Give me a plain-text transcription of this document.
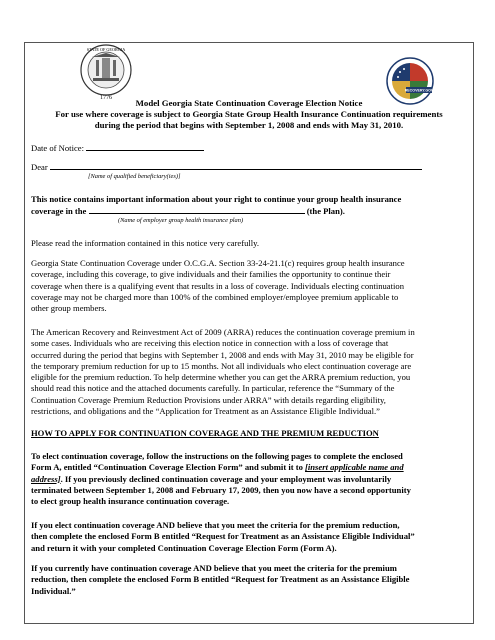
STATE OF GEORGIA
1776
RECOVERY.GOV

Model Georgia State Continuation Coverage Election Notice

For use where coverage is subject to Georgia State Group Health Insurance Continuation requirements
during the period that begins with September 1, 2008 and ends with May 31, 2010.

Date of Notice:

Dear

[Name of qualified beneficiary(ies)]

This notice contains important information about your right to continue your group health insurance
coverage in the	(the Plan).

(Name of employer group health insurance plan)

Please read the information contained in this notice very carefully.

Georgia State Continuation Coverage under O.C.G.A. Section 33-24-21.1(c) requires group health insurance
coverage, including this coverage, to give individuals and their families the opportunity to continue their
coverage when there is a qualifying event that results in a loss of coverage. Individuals electing continuation
coverage may not be charged more than 100% of the combined employer/employee premium applicable to
other group members.

The American Recovery and Reinvestment Act of 2009 (ARRA) reduces the continuation coverage premium in
some cases. Individuals who are receiving this election notice in connection with a loss of coverage that
occurred during the period that begins with September 1, 2008 and ends with May 31, 2010 may be eligible for
the temporary premium reduction for up to 15 months. Not all individuals who elect continuation coverage are
eligible for the premium reduction. To help determine whether you can get the ARRA premium reduction, you
should read this notice and the attached documents carefully. In particular, reference the “Summary of the
Continuation Coverage Premium Reduction Provisions under ARRA” with details regarding eligibility,
restrictions, and obligations and the “Application for Treatment as an Assistance Eligible Individual.”

HOW TO APPLY FOR CONTINUATION COVERAGE AND THE PREMIUM REDUCTION

To elect continuation coverage, follow the instructions on the following pages to complete the enclosed
Form A, entitled “Continuation Coverage Election Form” and submit it to [insert applicable name and
address]. If you previously declined continuation coverage and your employment was involuntarily
terminated between September 1, 2008 and February 17, 2009, then you now have a second opportunity
to elect group health insurance continuation coverage.

If you elect continuation coverage AND believe that you meet the criteria for the premium reduction,
then complete the enclosed Form B entitled “Request for Treatment as an Assistance Eligible Individual”
and return it with your completed Continuation Coverage Election Form (Form A).

If you currently have continuation coverage AND believe that you meet the criteria for the premium
reduction, then complete the enclosed Form B entitled “Request for Treatment as an Assistance Eligible
Individual.”
